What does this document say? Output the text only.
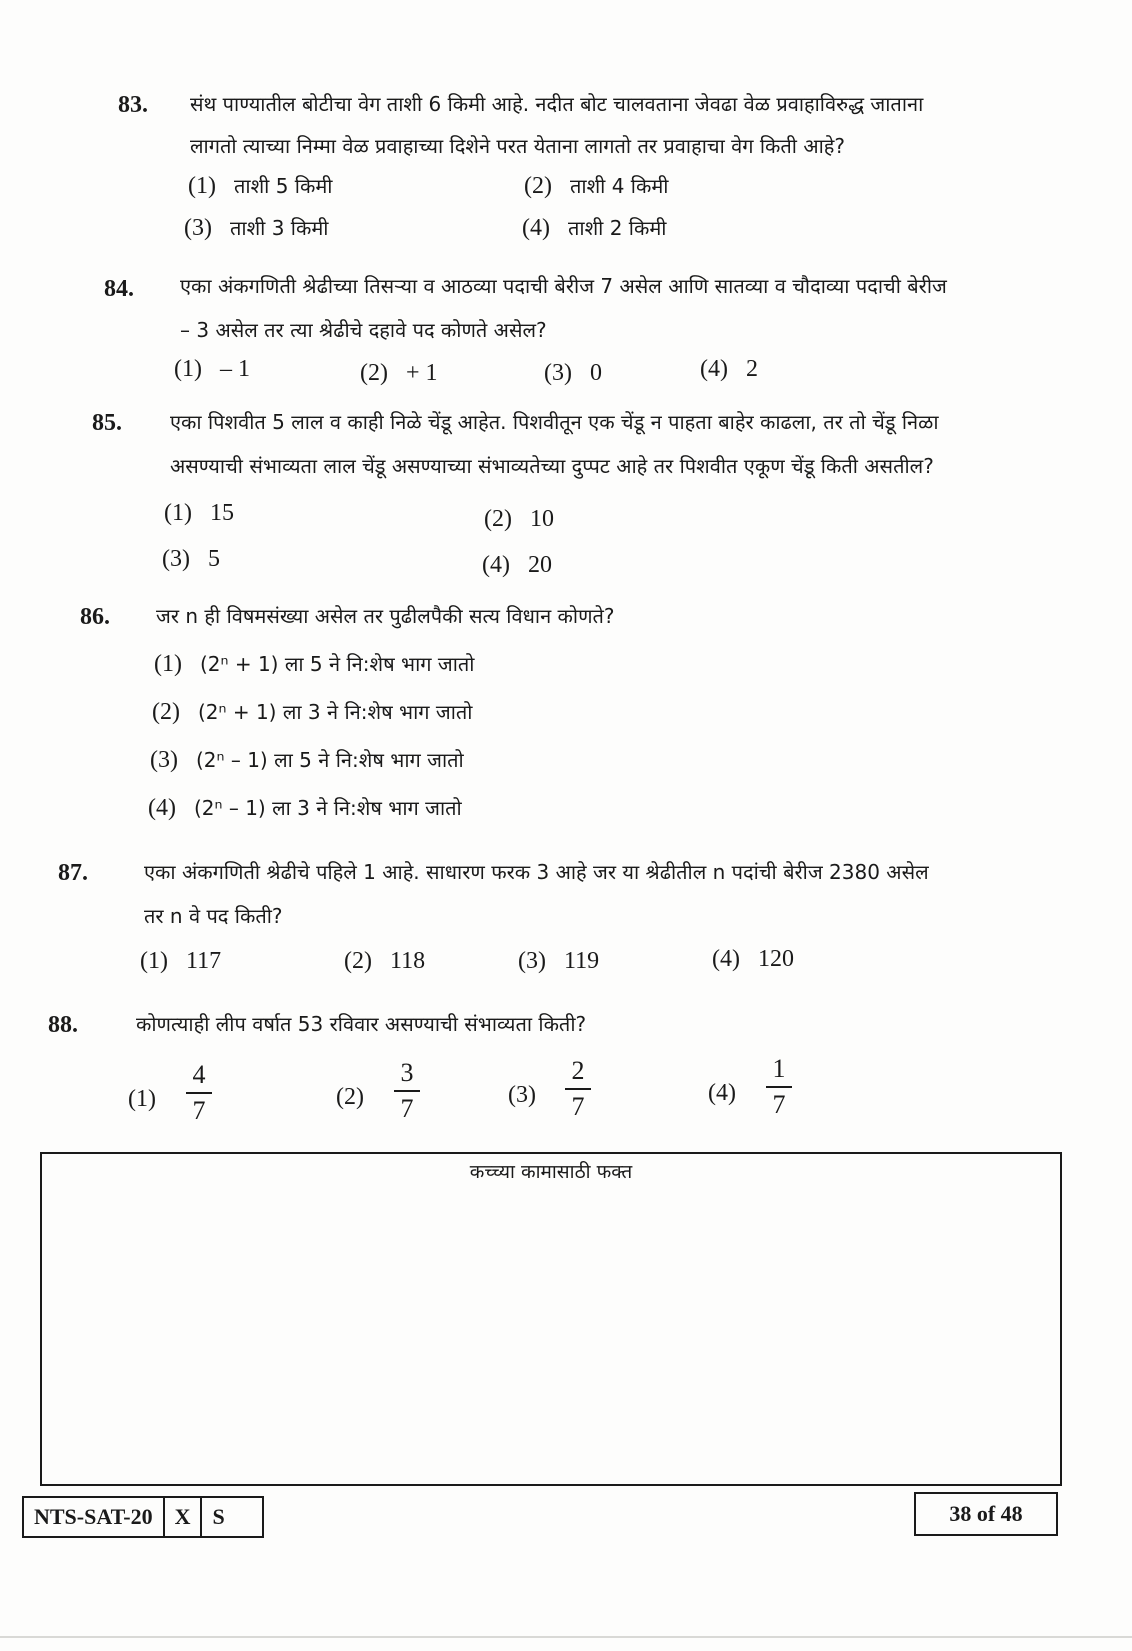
83. संथ पाण्यातील बोटीचा वेग ताशी 6 किमी आहे. नदीत बोट चालवताना जेवढा वेळ प्रवाहाविरुद्ध जाताना
लागतो त्याच्या निम्मा वेळ प्रवाहाच्या दिशेने परत येताना लागतो तर प्रवाहाचा वेग किती आहे?
(1) ताशी 5 किमी	(2) ताशी 4 किमी
(3) ताशी 3 किमी	(4) ताशी 2 किमी
84. एका अंकगणिती श्रेढीच्या तिसऱ्या व आठव्या पदाची बेरीज 7 असेल आणि सातव्या व चौदाव्या पदाची बेरीज
– 3 असेल तर त्या श्रेढीचे दहावे पद कोणते असेल?
(1) – 1	(2) + 1	(3) 0	(4) 2
85. एका पिशवीत 5 लाल व काही निळे चेंडू आहेत. पिशवीतून एक चेंडू न पाहता बाहेर काढला, तर तो चेंडू निळा
असण्याची संभाव्यता लाल चेंडू असण्याच्या संभाव्यतेच्या दुप्पट आहे तर पिशवीत एकूण चेंडू किती असतील?
(1) 15	(2) 10
(3) 5	(4) 20
86. जर n ही विषमसंख्या असेल तर पुढीलपैकी सत्य विधान कोणते?
(1) (2ⁿ + 1) ला 5 ने नि:शेष भाग जातो
(2) (2ⁿ + 1) ला 3 ने नि:शेष भाग जातो
(3) (2ⁿ – 1) ला 5 ने नि:शेष भाग जातो
(4) (2ⁿ – 1) ला 3 ने नि:शेष भाग जातो
87.	एका अंकगणिती श्रेढीचे पहिले 1 आहे. साधारण फरक 3 आहे जर या श्रेढीतील n पदांची बेरीज 2380 असेल
तर n वे पद किती?
(1) 117	(2) 118	(3) 119	(4) 120
88.	कोणत्याही लीप वर्षात 53 रविवार असण्याची संभाव्यता किती?
(1)
4
7	(2)
3
7	(3)
2
7	(4)
1
7
कच्च्या कामासाठी फक्त
NTS-SAT-20	X	S	38 of 48
